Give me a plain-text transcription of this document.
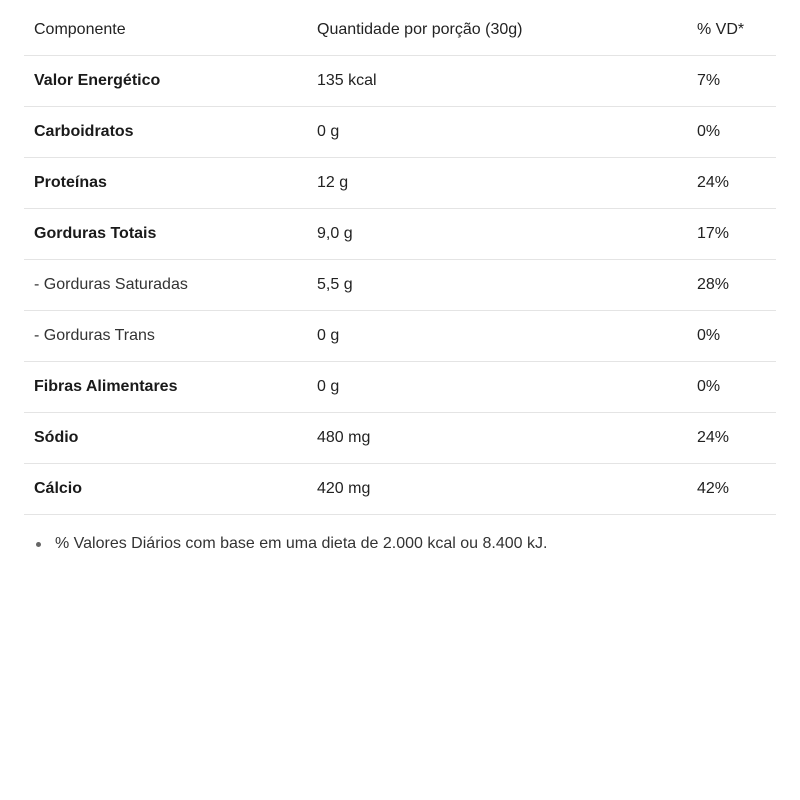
Componente	Quantidade por porção (30g)	% VD*
Valor Energético	135 kcal	7%
Carboidratos	0 g	0%
Proteínas	12 g	24%
Gorduras Totais	9,0 g	17%
- Gorduras Saturadas	5,5 g	28%
- Gorduras Trans	0 g	0%
Fibras Alimentares	0 g	0%
Sódio	480 mg	24%
Cálcio	420 mg	42%
% Valores Diários com base em uma dieta de 2.000 kcal ou 8.400 kJ.
